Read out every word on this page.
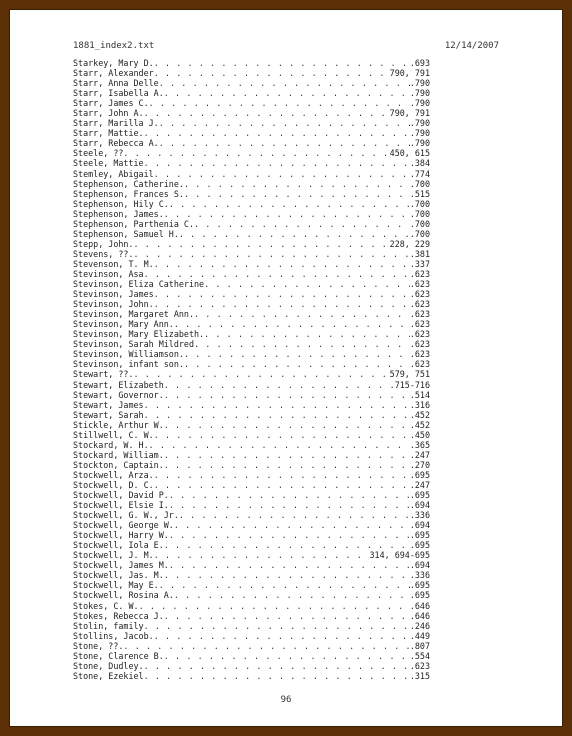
1881_index2.txt	12/14/2007
Starkey, Mary D. . . .	.693
Starr, Alexander . . .	790, 791
Starr, Anna Delle . . .	.790
Starr, Isabella A. . . .	.790
Starr, James C. . . .	.790
Starr, John A. . . .	790, 791
Starr, Marilla J. . . .	.790
Starr, Mattie. . . .	.790
Starr, Rebecca A. . . .	.790
Steele, ?? . . .	450, 615
Steele, Mattie . . .	.384
Stemley, Abigail . . .	.774
Stephenson, Catherine. . . .	.700
Stephenson, Frances S. . . .	.515
Stephenson, Hily C. . . .	.700
Stephenson, James. . . .	.700
Stephenson, Parthenia C. . . .	.700
Stephenson, Samuel H. . . .	.700
Stepp, John. . . .	228, 229
Stevens, ??. . . .	.381
Stevenson, T. M. . . .	.337
Stevinson, Asa . . .	.623
Stevinson, Eliza Catherine . . .	.623
Stevinson, James . . .	.623
Stevinson, John. . . .	.623
Stevinson, Margaret Ann. . . .	.623
Stevinson, Mary Ann. . . .	.623
Stevinson, Mary Elizabeth. . . .	.623
Stevinson, Sarah Mildred . . .	.623
Stevinson, Williamson. . . .	.623
Stevinson, infant son. . . .	.623
Stewart, ??. . . .	579, 751
Stewart, Elizabeth . . .	.715-716
Stewart, Governor. . . .	.514
Stewart, James . . .	.316
Stewart, Sarah . . .	.452
Stickle, Arthur W. . . .	.452
Stillwell, C. W. . . .	.450
Stockard, W. H. . . .	.365
Stockard, William. . . .	.247
Stockton, Captain. . . .	.270
Stockwell, Arza. . . .	.695
Stockwell, D. C. . . .	.247
Stockwell, David P. . . .	.695
Stockwell, Elsie I. . . .	.694
Stockwell, G. W., Jr. . . .	.336
Stockwell, George W. . . .	.694
Stockwell, Harry W. . . .	.695
Stockwell, Iola E. . . .	.695
Stockwell, J. M. . . .	314, 694-695
Stockwell, James M. . . .	.694
Stockwell, Jas. M. . . .	.336
Stockwell, May E. . . .	.695
Stockwell, Rosina A. . . .	.695
Stokes, C. W. . . .	.646
Stokes, Rebecca J. . . .	.646
Stolin, family . . .	.246
Stollins, Jacob. . . .	.449
Stone, ??. . . .	.807
Stone, Clarence B. . . .	.554
Stone, Dudley. . . .	.623
Stone, Ezekiel . . .	.315
96
